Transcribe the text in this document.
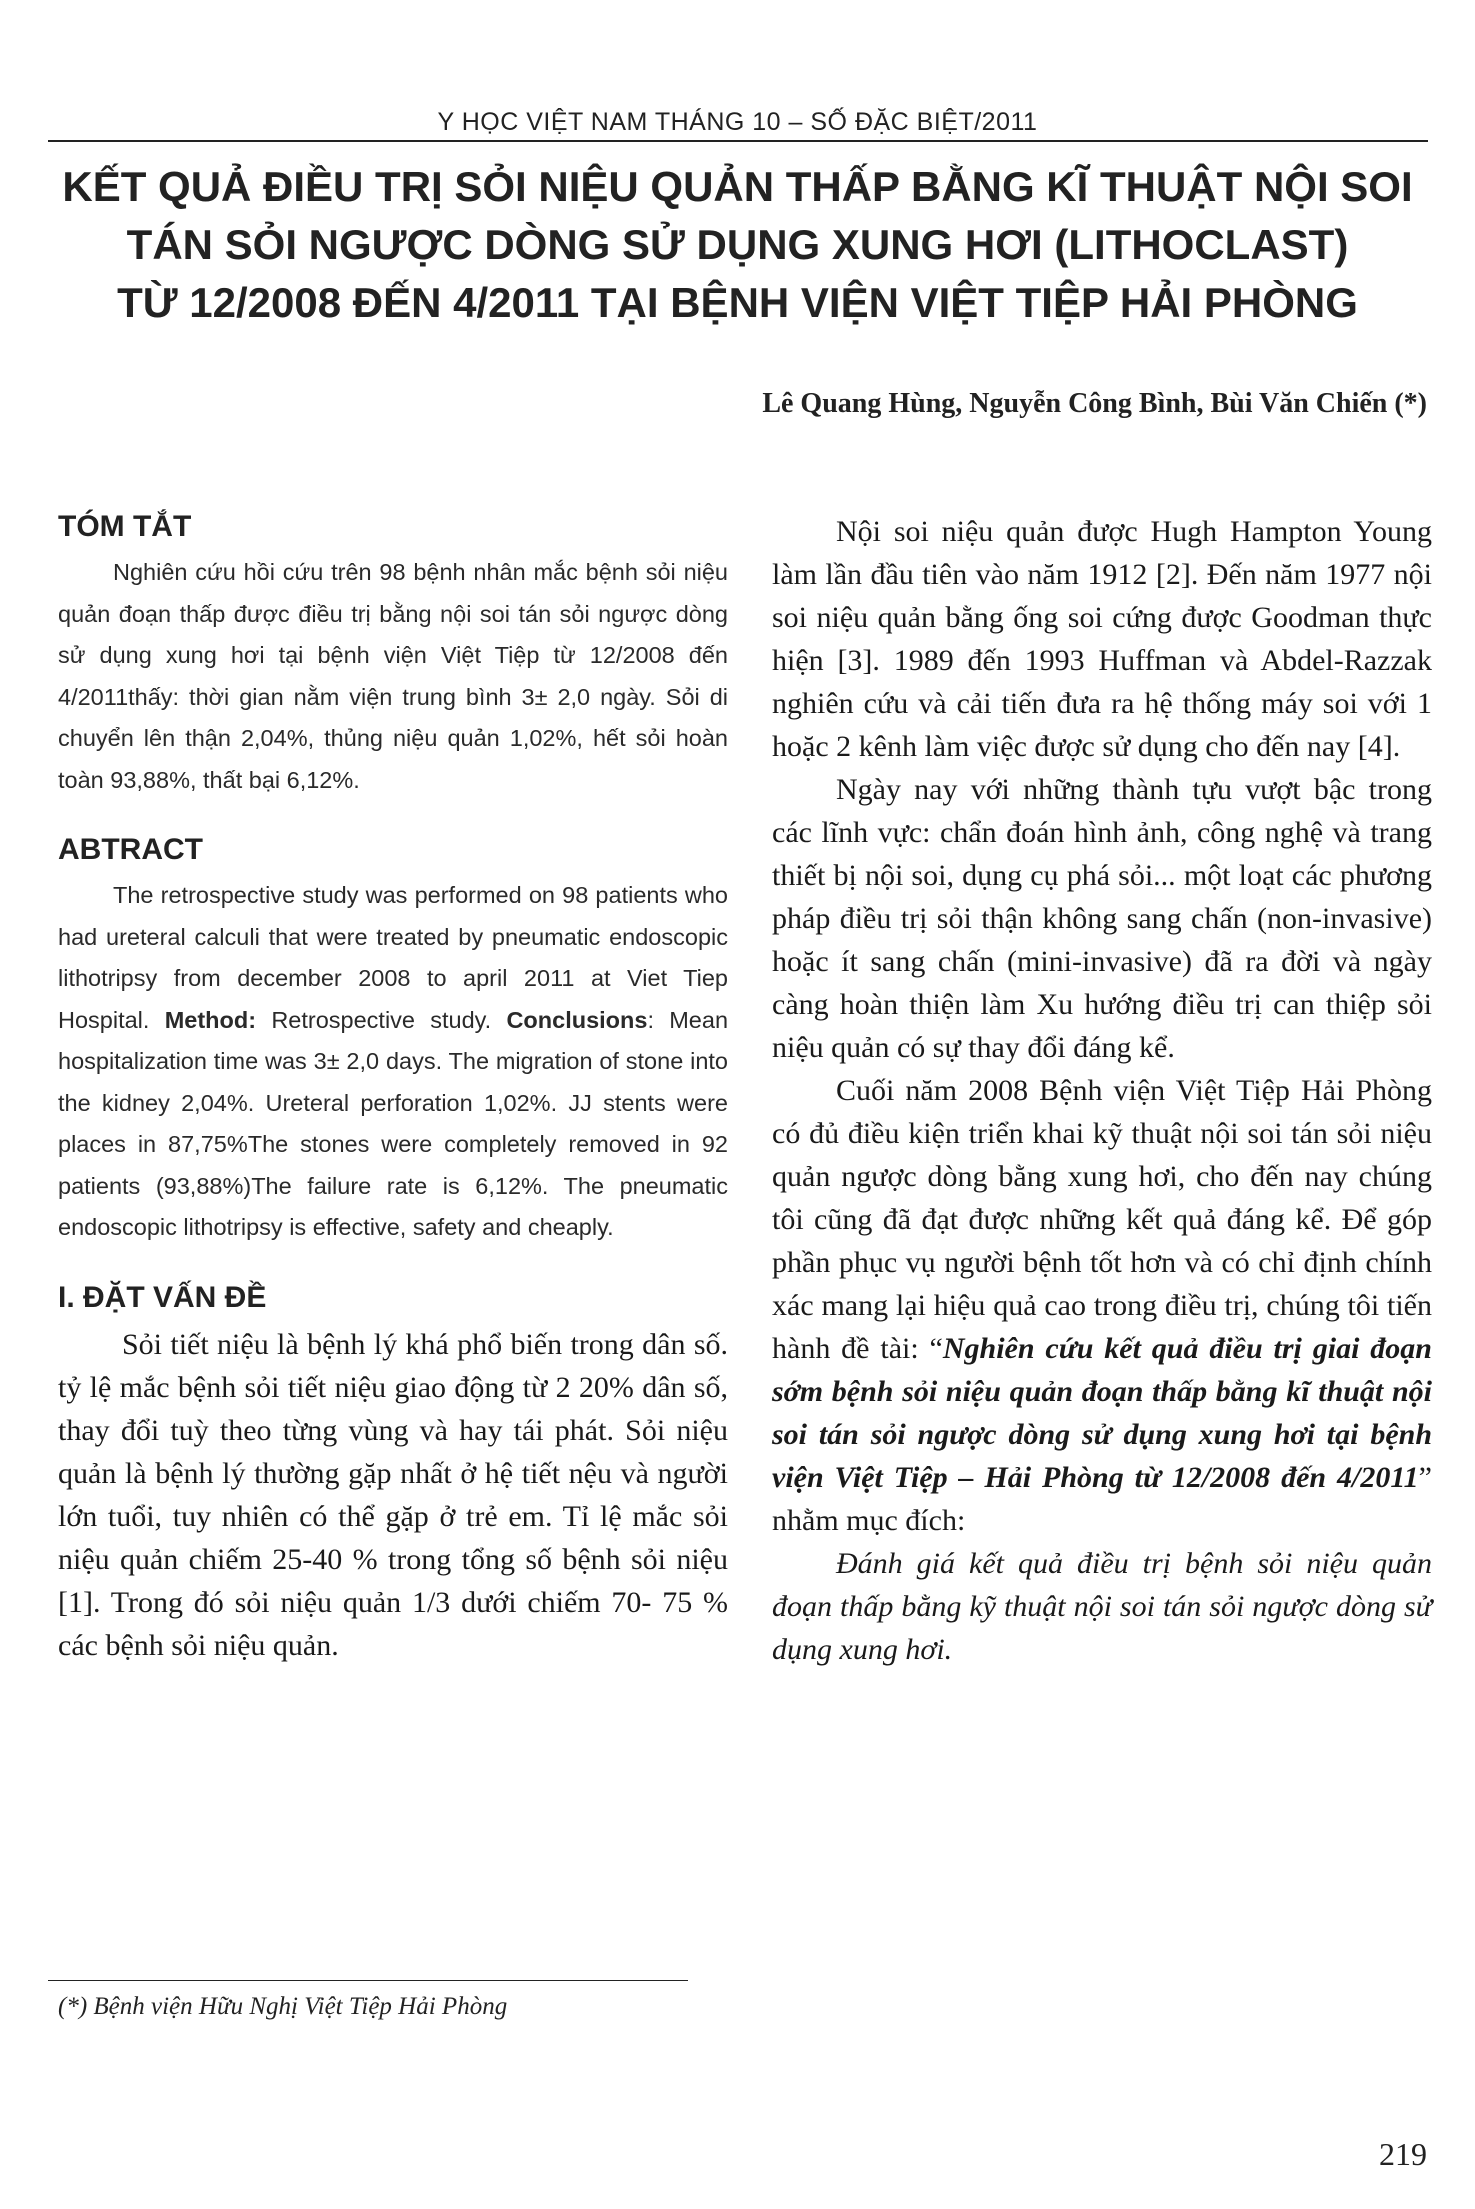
Y HỌC VIỆT NAM THÁNG 10 – SỐ ĐẶC BIỆT/2011
KẾT QUẢ ĐIỀU TRỊ SỎI NIỆU QUẢN THẤP BẰNG KĨ THUẬT NỘI SOI
TÁN SỎI NGƯỢC DÒNG SỬ DỤNG XUNG HƠI (LITHOCLAST)
TỪ 12/2008 ĐẾN 4/2011 TẠI BỆNH VIỆN VIỆT TIỆP HẢI PHÒNG
Lê Quang Hùng, Nguyễn Công Bình, Bùi Văn Chiến (*)
TÓM TẮT

Nghiên cứu hồi cứu trên 98 bệnh nhân mắc bệnh sỏi niệu quản đoạn thấp được điều trị bằng nội soi tán sỏi ngược dòng sử dụng xung hơi tại bệnh viện Việt Tiệp từ 12/2008 đến 4/2011thấy: thời gian nằm viện trung bình 3± 2,0 ngày. Sỏi di chuyển lên thận 2,04%, thủng niệu quản 1,02%, hết sỏi hoàn toàn 93,88%, thất bại 6,12%.

ABTRACT

The retrospective study was performed on 98 patients who had ureteral calculi that were treated by pneumatic endoscopic lithotripsy from december 2008 to april 2011 at Viet Tiep Hospital. Method: Retrospective study. Conclusions: Mean hospitalization time was 3± 2,0 days. The migration of stone into the kidney 2,04%. Ureteral perforation 1,02%. JJ stents were places in 87,75%The stones were completely removed in 92 patients (93,88%)The failure rate is 6,12%. The pneumatic endoscopic lithotripsy is effective, safety and cheaply.

I. ĐẶT VẤN ĐỀ

Sỏi tiết niệu là bệnh lý khá phổ biến trong dân số. tỷ lệ mắc bệnh sỏi tiết niệu giao động từ 2 20% dân số, thay đổi tuỳ theo từng vùng và hay tái phát. Sỏi niệu quản là bệnh lý thường gặp nhất ở hệ tiết nệu và người lớn tuổi, tuy nhiên có thể gặp ở trẻ em. Tỉ lệ mắc sỏi niệu quản chiếm 25-40 % trong tổng số bệnh sỏi niệu [1]. Trong đó sỏi niệu quản 1/3 dưới chiếm 70- 75 % các bệnh sỏi niệu quản.

Nội soi niệu quản được Hugh Hampton Young làm lần đầu tiên vào năm 1912 [2]. Đến năm 1977 nội soi niệu quản bằng ống soi cứng được Goodman thực hiện [3]. 1989 đến 1993 Huffman và Abdel-Razzak nghiên cứu và cải tiến đưa ra hệ thống máy soi với 1 hoặc 2 kênh làm việc được sử dụng cho đến nay [4].

Ngày nay với những thành tựu vượt bậc trong các lĩnh vực: chẩn đoán hình ảnh, công nghệ và trang thiết bị nội soi, dụng cụ phá sỏi... một loạt các phương pháp điều trị sỏi thận không sang chấn (non-invasive) hoặc ít sang chấn (mini-invasive) đã ra đời và ngày càng hoàn thiện làm Xu hướng điều trị can thiệp sỏi niệu quản có sự thay đổi đáng kể.

Cuối năm 2008 Bệnh viện Việt Tiệp Hải Phòng có đủ điều kiện triển khai kỹ thuật nội soi tán sỏi niệu quản ngược dòng bằng xung hơi, cho đến nay chúng tôi cũng đã đạt được những kết quả đáng kể. Để góp phần phục vụ người bệnh tốt hơn và có chỉ định chính xác mang lại hiệu quả cao trong điều trị, chúng tôi tiến hành đề tài: “Nghiên cứu kết quả điều trị giai đoạn sớm bệnh sỏi niệu quản đoạn thấp bằng kĩ thuật nội soi tán sỏi ngược dòng sử dụng xung hơi tại bệnh viện Việt Tiệp – Hải Phòng từ 12/2008 đến 4/2011” nhằm mục đích:

Đánh giá kết quả điều trị bệnh sỏi niệu quản đoạn thấp bằng kỹ thuật nội soi tán sỏi ngược dòng sử dụng xung hơi.

(*) Bệnh viện Hữu Nghị Việt Tiệp Hải Phòng
219
